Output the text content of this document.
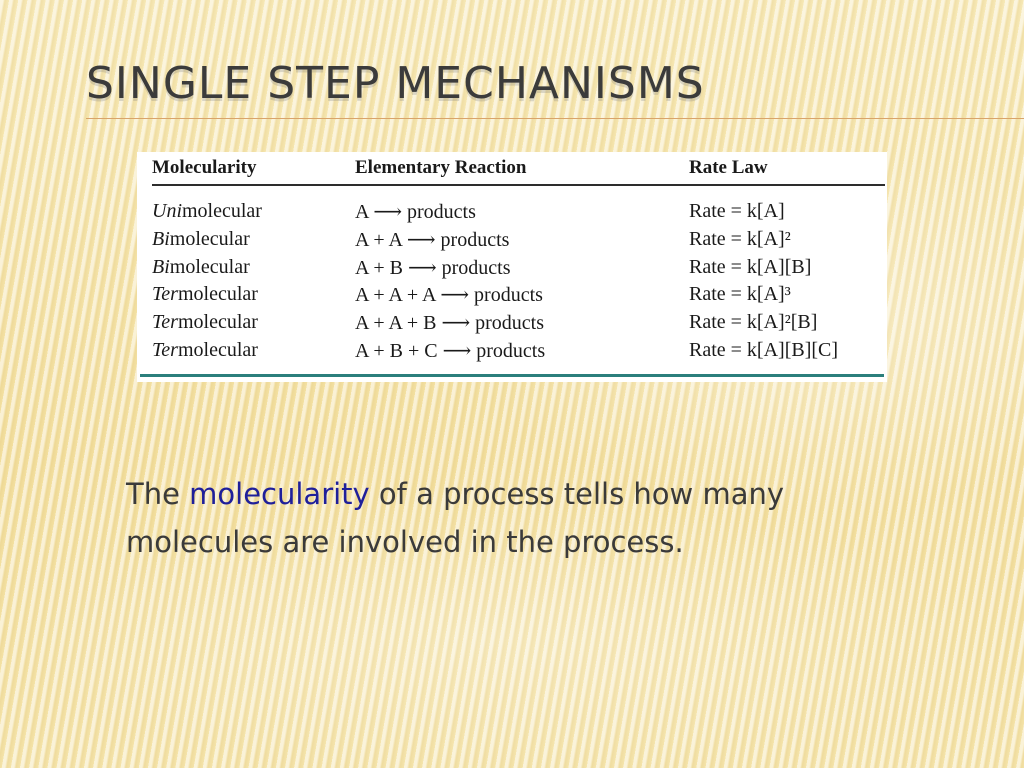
SINGLE STEP MECHANISMS
Molecularity	Elementary Reaction	Rate Law
Unimolecular	A ⟶ products	Rate = k[A]
Bimolecular	A + A ⟶ products	Rate = k[A]²
Bimolecular	A + B ⟶ products	Rate = k[A][B]
Termolecular	A + A + A ⟶ products	Rate = k[A]³
Termolecular	A + A + B ⟶ products	Rate = k[A]²[B]
Termolecular	A + B + C ⟶ products	Rate = k[A][B][C]

The molecularity of a process tells how many molecules are involved in the process.
